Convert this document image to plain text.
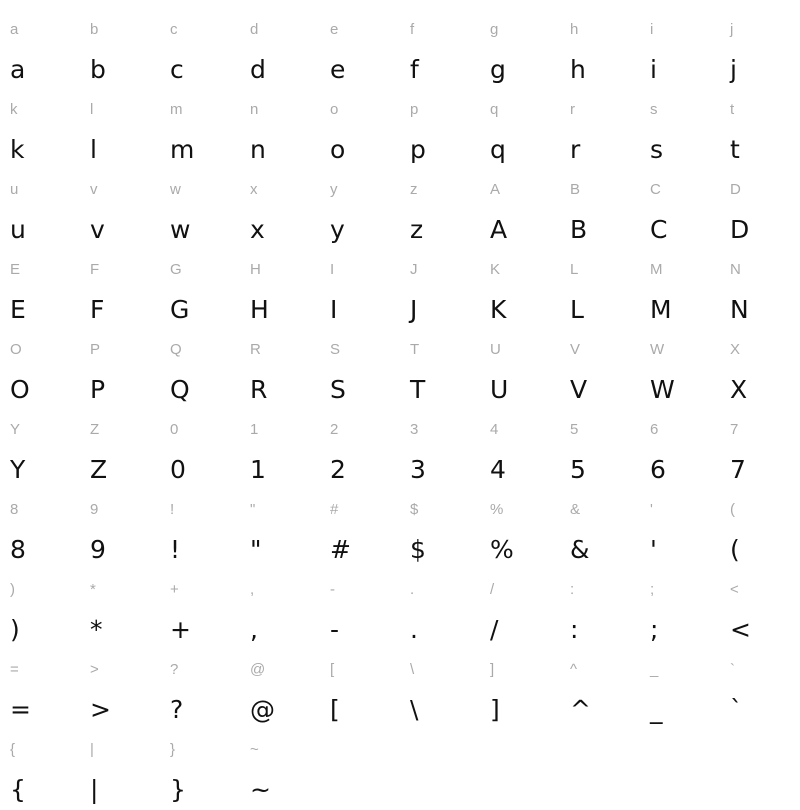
a	b	c	d	e	f	g	h	i	j
a	b	c	d	e	f	g	h	i	j
k	l	m	n	o	p	q	r	s	t
k	l	m	n	o	p	q	r	s	t
u	v	w	x	y	z	A	B	C	D
u	v	w	x	y	z	A	B	C	D
E	F	G	H	I	J	K	L	M	N
E	F	G	H	I	J	K	L	M	N
O	P	Q	R	S	T	U	V	W	X
O	P	Q	R	S	T	U	V	W	X
Y	Z	0	1	2	3	4	5	6	7
Y	Z	0	1	2	3	4	5	6	7
8	9	!	"	#	$	%	&	'	(
8	9	!	"	#	$	%	&	'	(
)	*	+	,	-	.	/	:	;	<
)	*	+	,	-	.	/	:	;	<
=	>	?	@	[	\	]	^	_	`
=	>	?	@	[	\	]	^	_	`
{	|	}	~
{	|	}	~
